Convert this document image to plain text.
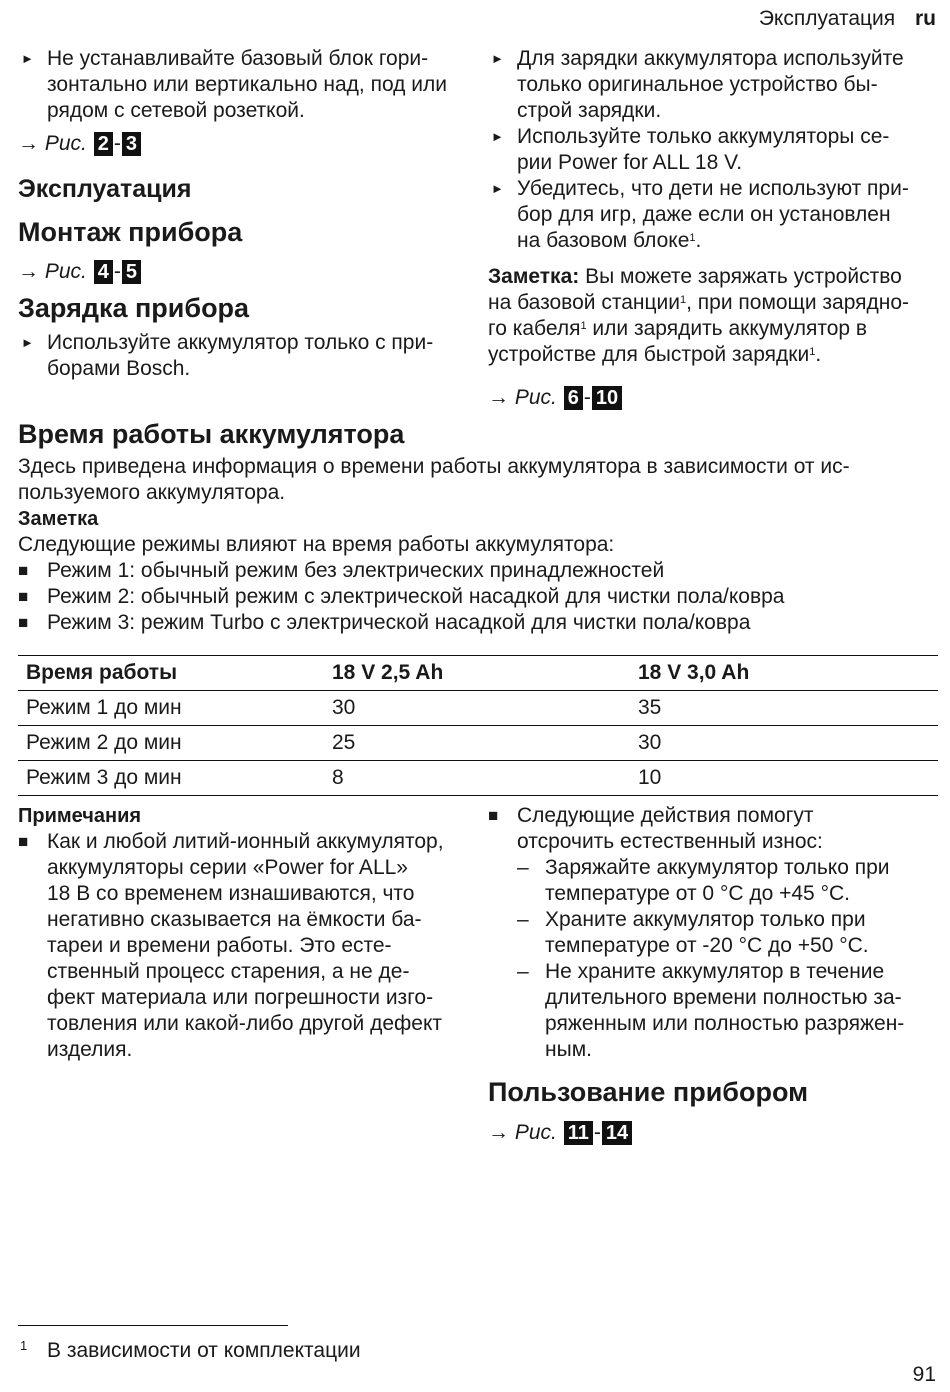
Эксплуатация ru
► Не устанавливайте базовый блок гори-
зонтально или вертикально над, под или
рядом с сетевой розеткой.
→ Рис. 2 - 3
Эксплуатация
Монтаж прибора
→ Рис. 4 - 5
Зарядка прибора
► Используйте аккумулятор только с при-
борами Bosch.
► Для зарядки аккумулятора используйте
только оригинальное устройство бы-
строй зарядки.
► Используйте только аккумуляторы се-
рии Power for ALL 18 V.
► Убедитесь, что дети не используют при-
бор для игр, даже если он установлен
на базовом блоке$^1$.
Заметка: Вы можете заряжать устройство
на базовой станции$^1$, при помощи зарядно-
го кабеля$^1$ или зарядить аккумулятор в
устройстве для быстрой зарядки$^1$.
→ Рис. 6 - 10
Время работы аккумулятора
Здесь приведена информация о времени работы аккумулятора в зависимости от ис-
пользуемого аккумулятора.
Заметка
Следующие режимы влияют на время работы аккумулятора:
■ Режим 1: обычный режим без электрических принадлежностей
■ Режим 2: обычный режим с электрической насадкой для чистки пола/ковра
■ Режим 3: режим Turbo с электрической насадкой для чистки пола/ковра
Время работы	18 V 2,5 Ah	18 V 3,0 Ah
Режим 1 до мин	30	35
Режим 2 до мин	25	30
Режим 3 до мин	8	10
Примечания
■ Как и любой литий-ионный аккумулятор,
аккумуляторы серии «Power for ALL»
18 В со временем изнашиваются, что
негативно сказывается на ёмкости ба-
тареи и времени работы. Это есте-
ственный процесс старения, а не де-
фект материала или погрешности изго-
товления или какой-либо другой дефект
изделия.
■ Следующие действия помогут
отсрочить естественный износ:
– Заряжайте аккумулятор только при
температуре от 0 °C до +45 °C.
– Храните аккумулятор только при
температуре от -20 °C до +50 °C.
– Не храните аккумулятор в течение
длительного времени полностью за-
ряженным или полностью разряжен-
ным.
Пользование прибором
→ Рис. 11 - 14
1 В зависимости от комплектации
91
